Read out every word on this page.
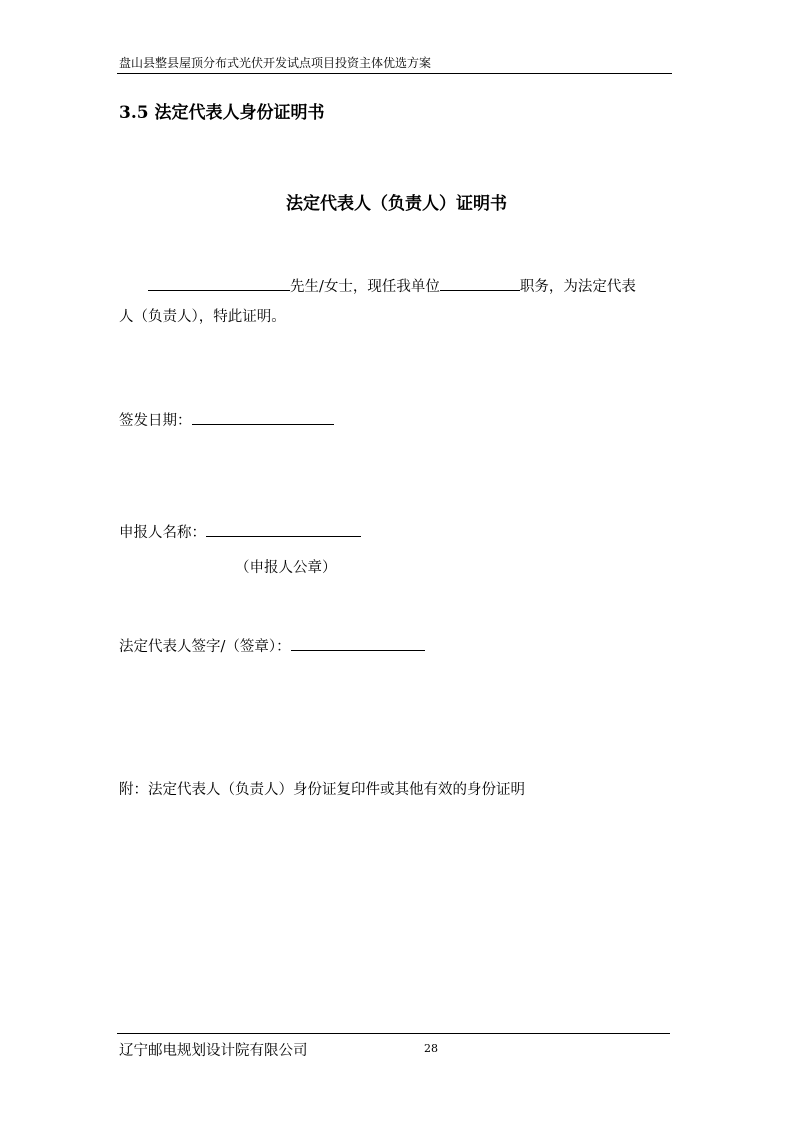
盘山县整县屋顶分布式光伏开发试点项目投资主体优选方案
3.5 法定代表人身份证明书
法定代表人（负责人）证明书
先生/女士，现任我单位	职务，为法定代表
人（负责人），特此证明。
签发日期：
申报人名称：
（申报人公章）
法定代表人签字/（签章）：
附：法定代表人（负责人）身份证复印件或其他有效的身份证明
辽宁邮电规划设计院有限公司	28
